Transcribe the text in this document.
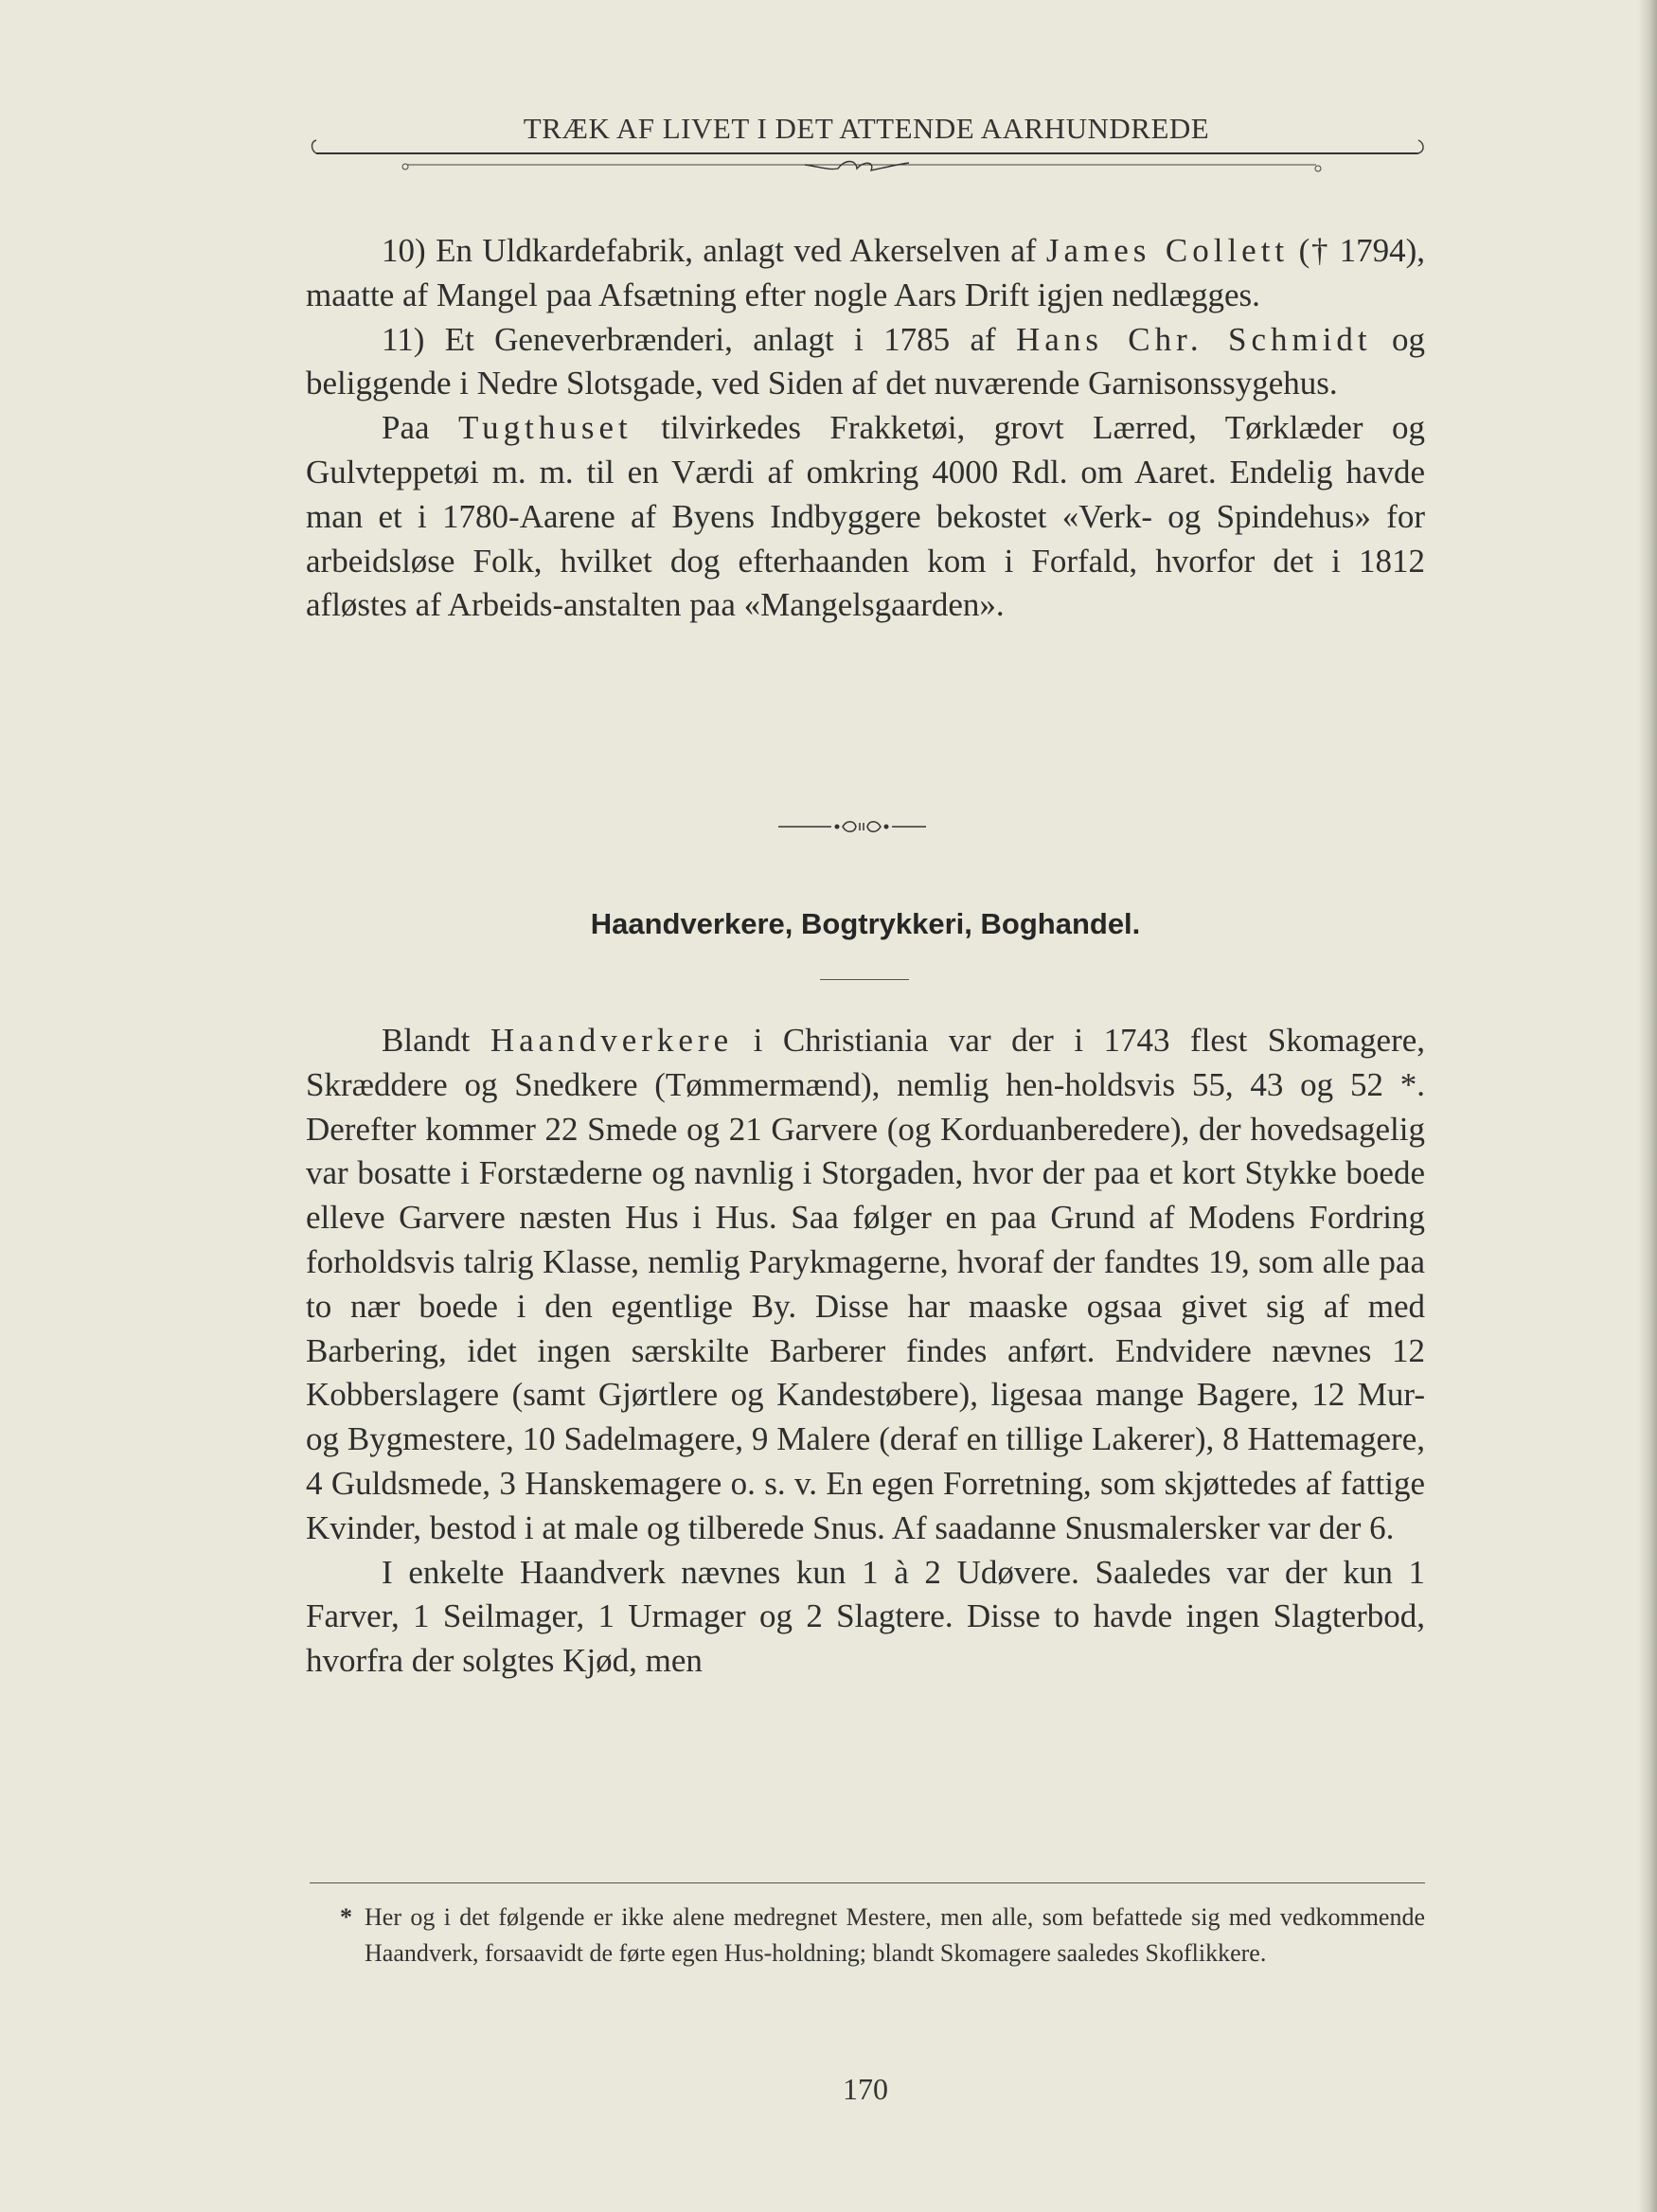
TRÆK AF LIVET I DET ATTENDE AARHUNDREDE

10) En Uldkardefabrik, anlagt ved Akerselven af James Collett († 1794), maatte af Mangel paa Afsætning efter nogle Aars Drift igjen nedlægges.

11) Et Geneverbrænderi, anlagt i 1785 af Hans Chr. Schmidt og beliggende i Nedre Slotsgade, ved Siden af det nuværende Garnisonssygehus.

Paa Tugthuset tilvirkedes Frakketøi, grovt Lærred, Tørklæder og Gulvteppetøi m. m. til en Værdi af omkring 4000 Rdl. om Aaret. Endelig havde man et i 1780-Aarene af Byens Indbyggere bekostet «Verk- og Spindehus» for arbeidsløse Folk, hvilket dog efterhaanden kom i Forfald, hvorfor det i 1812 afløstes af Arbeids-anstalten paa «Mangelsgaarden».

Haandverkere, Bogtrykkeri, Boghandel.

Blandt Haandverkere i Christiania var der i 1743 flest Skomagere, Skræddere og Snedkere (Tømmermænd), nemlig hen-holdsvis 55, 43 og 52 *. Derefter kommer 22 Smede og 21 Garvere (og Korduanberedere), der hovedsagelig var bosatte i Forstæderne og navnlig i Storgaden, hvor der paa et kort Stykke boede elleve Garvere næsten Hus i Hus. Saa følger en paa Grund af Modens Fordring forholdsvis talrig Klasse, nemlig Parykmagerne, hvoraf der fandtes 19, som alle paa to nær boede i den egentlige By. Disse har maaske ogsaa givet sig af med Barbering, idet ingen særskilte Barberer findes anført. Endvidere nævnes 12 Kobberslagere (samt Gjørtlere og Kandestøbere), ligesaa mange Bagere, 12 Mur- og Bygmestere, 10 Sadelmagere, 9 Malere (deraf en tillige Lakerer), 8 Hattemagere, 4 Guldsmede, 3 Hanskemagere o. s. v. En egen Forretning, som skjøttedes af fattige Kvinder, bestod i at male og tilberede Snus. Af saadanne Snusmalersker var der 6.

I enkelte Haandverk nævnes kun 1 à 2 Udøvere. Saaledes var der kun 1 Farver, 1 Seilmager, 1 Urmager og 2 Slagtere. Disse to havde ingen Slagterbod, hvorfra der solgtes Kjød, men

* Her og i det følgende er ikke alene medregnet Mestere, men alle, som befattede sig med vedkommende Haandverk, forsaavidt de førte egen Hus-holdning; blandt Skomagere saaledes Skoflikkere.
170
